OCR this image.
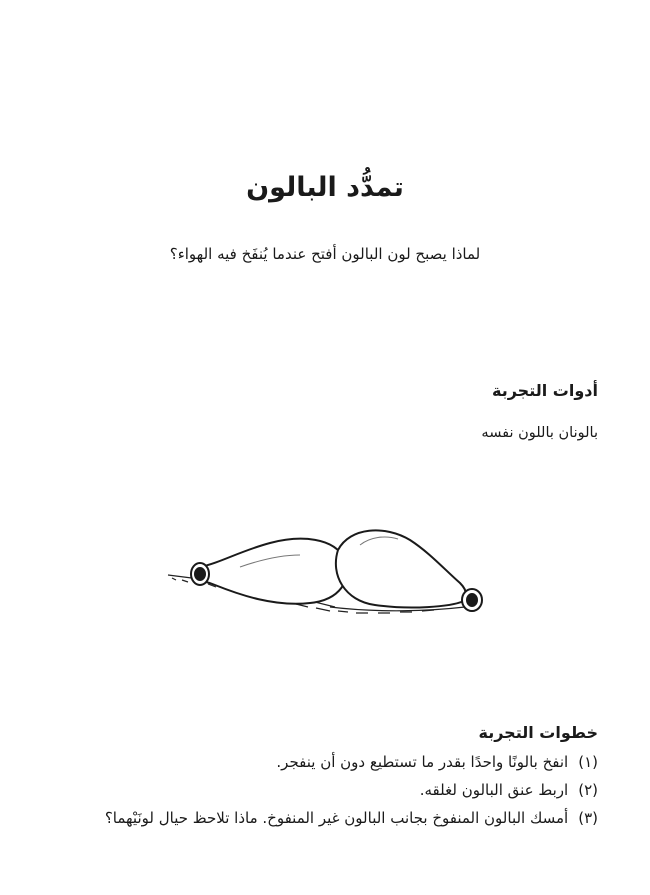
تمدُّد البالون
لماذا يصبح لون البالون أفتح عندما يُنفَخ فيه الهواء؟
أدوات التجربة
بالونان باللون نفسه
خطوات التجربة
(١)انفخ بالونًا واحدًا بقدر ما تستطيع دون أن ينفجر.
(٢)اربط عنق البالون لغلقه.
(٣)أمسك البالون المنفوخ بجانب البالون غير المنفوخ. ماذا تلاحظ حيال لونَيْهما؟
